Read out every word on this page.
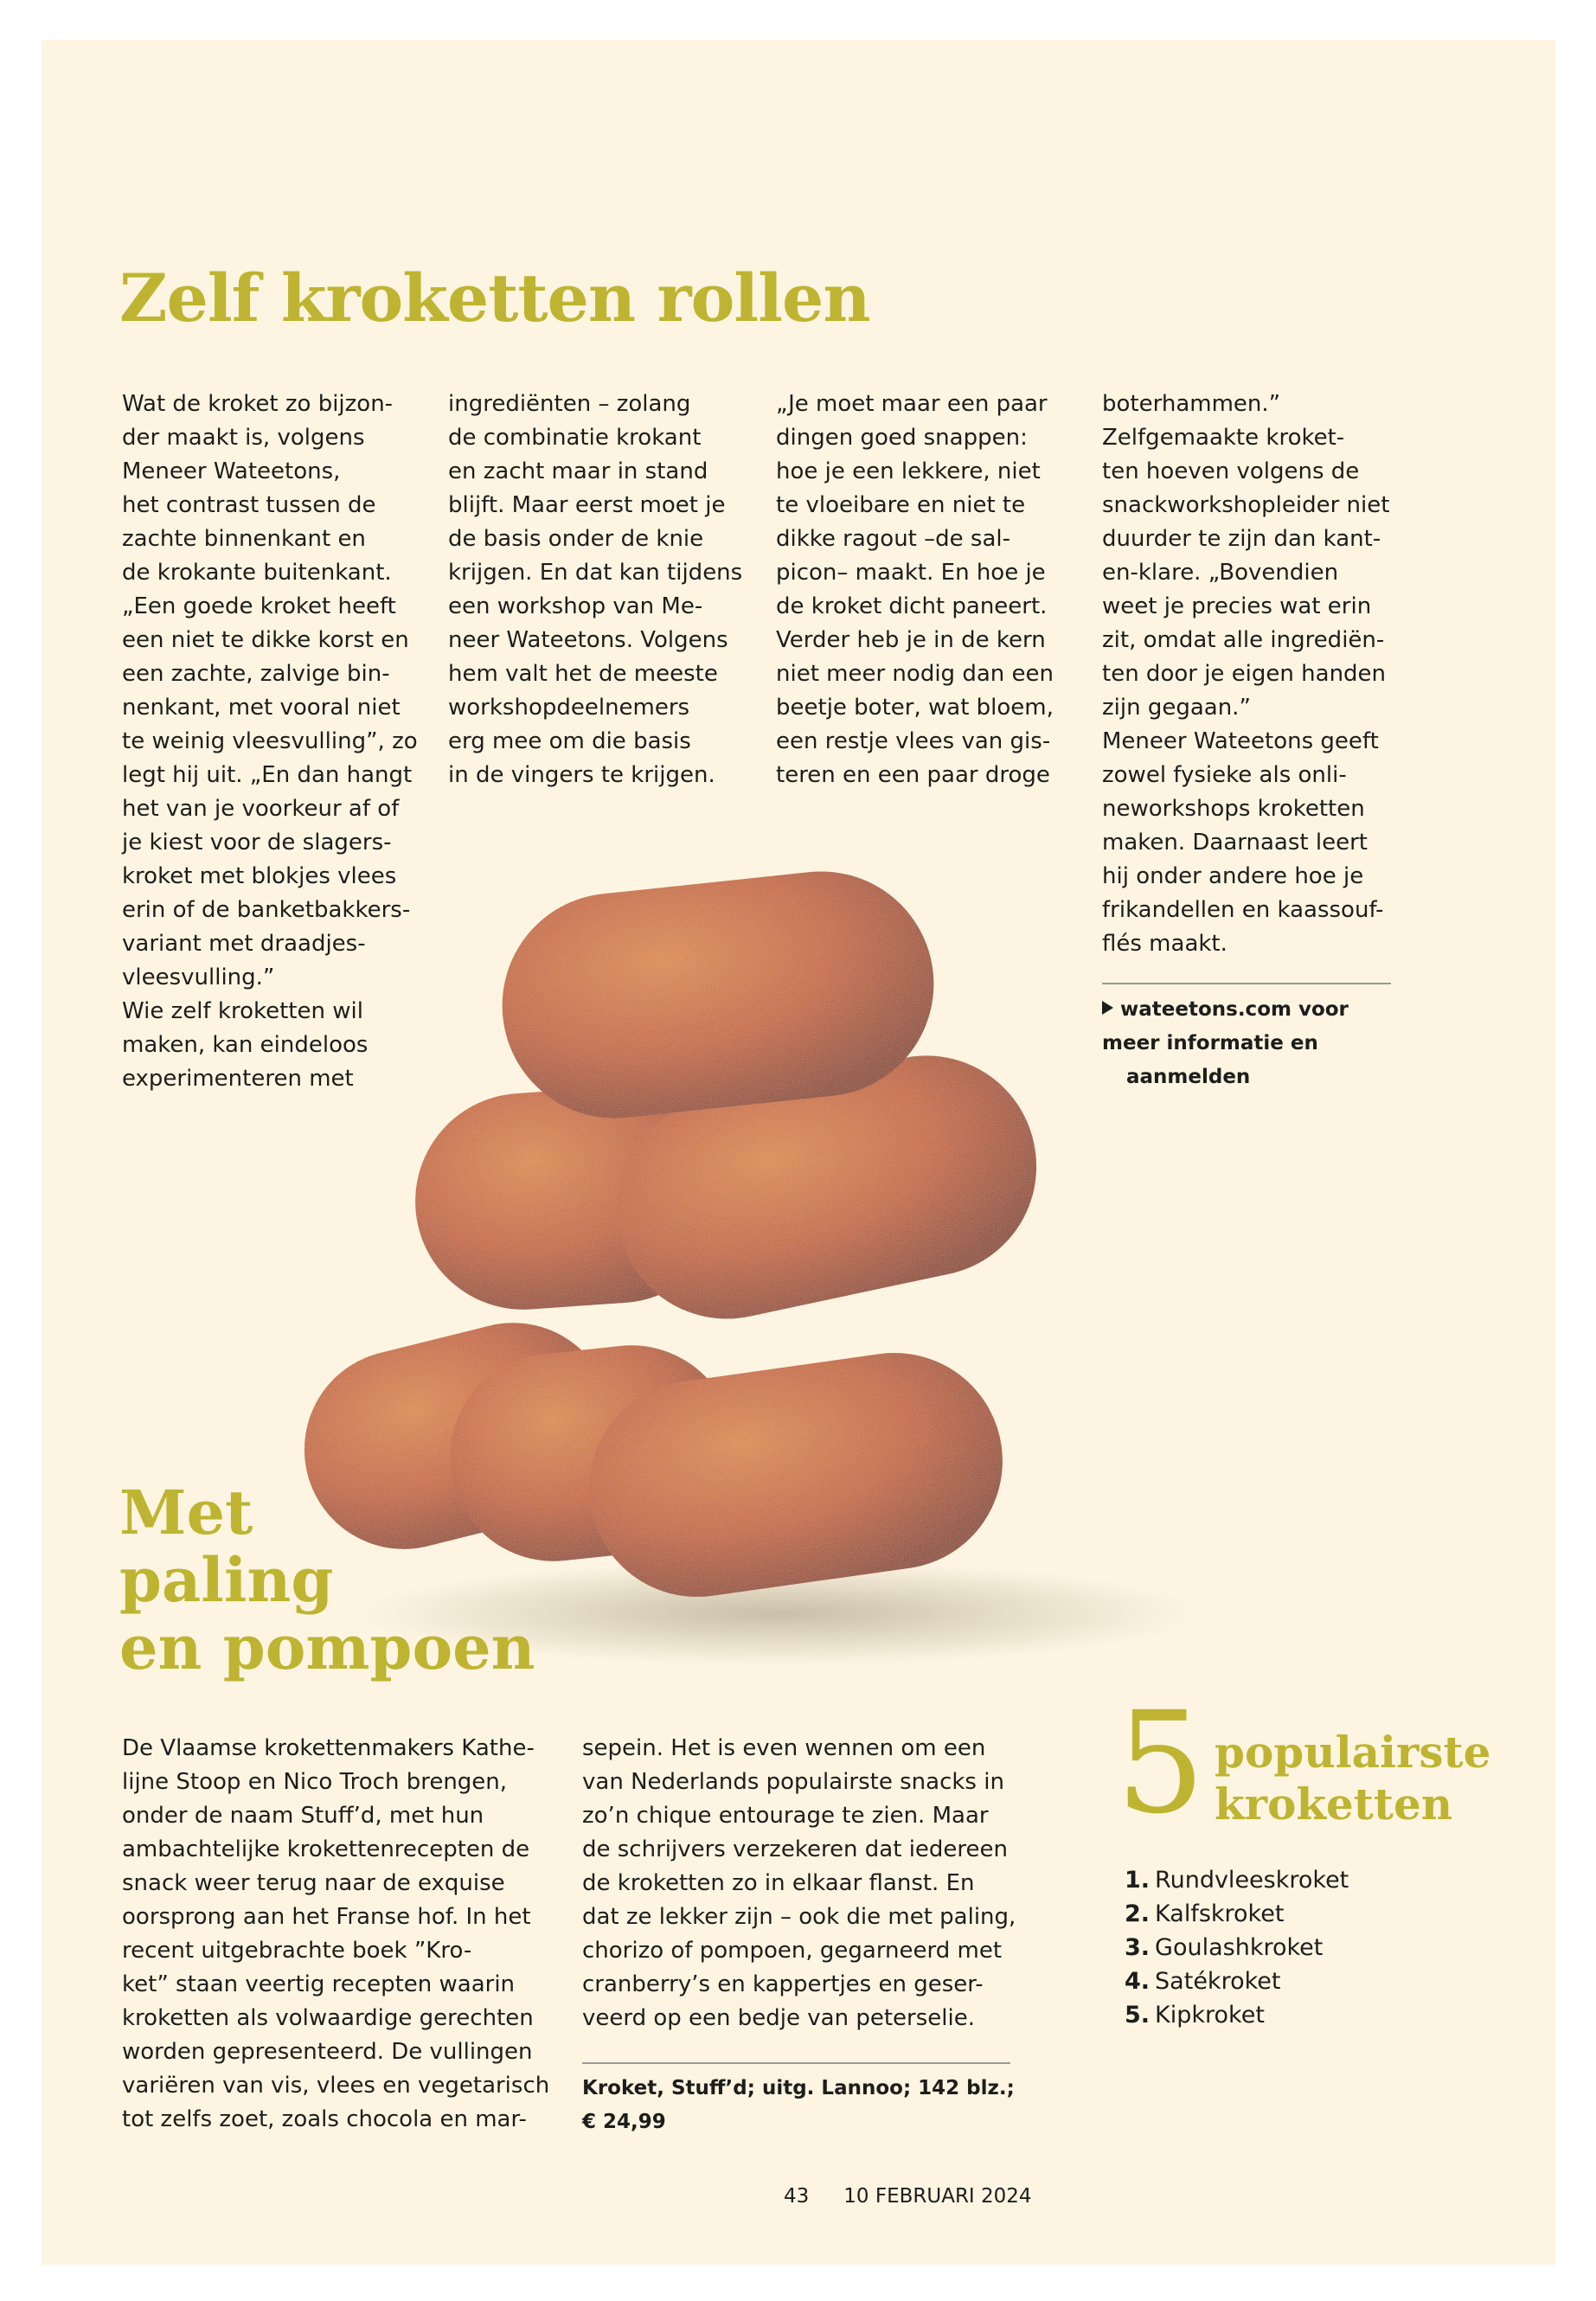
Zelf kroketten rollen

Wat de kroket zo bijzon-
der maakt is, volgens
Meneer Wateetons,
het contrast tussen de
zachte binnenkant en
de krokante buitenkant.
„Een goede kroket heeft
een niet te dikke korst en
een zachte, zalvige bin-
nenkant, met vooral niet
te weinig vleesvulling”, zo
legt hij uit. „En dan hangt
het van je voorkeur af of
je kiest voor de slagers-
kroket met blokjes vlees
erin of de banketbakkers-
variant met draadjes-
vleesvulling.”
Wie zelf kroketten wil
maken, kan eindeloos
experimenteren met

ingrediënten – zolang
de combinatie krokant
en zacht maar in stand
blijft. Maar eerst moet je
de basis onder de knie
krijgen. En dat kan tijdens
een workshop van Me-
neer Wateetons. Volgens
hem valt het de meeste
workshopdeelnemers
erg mee om die basis
in de vingers te krijgen.

„Je moet maar een paar
dingen goed snappen:
hoe je een lekkere, niet
te vloeibare en niet te
dikke ragout –de sal-
picon– maakt. En hoe je
de kroket dicht paneert.
Verder heb je in de kern
niet meer nodig dan een
beetje boter, wat bloem,
een restje vlees van gis-
teren en een paar droge

boterhammen.”
Zelfgemaakte kroket-
ten hoeven volgens de
snackworkshopleider niet
duurder te zijn dan kant-
en-klare. „Bovendien
weet je precies wat erin
zit, omdat alle ingrediën-
ten door je eigen handen
zijn gegaan.”
Meneer Wateetons geeft
zowel fysieke als onli-
neworkshops kroketten
maken. Daarnaast leert
hij onder andere hoe je
frikandellen en kaassouf-
flés maakt.

wateetons.com voor
meer informatie en
aanmelden
Met
paling
en pompoen

De Vlaamse krokettenmakers Kathe-
lijne Stoop en Nico Troch brengen,
onder de naam Stuff’d, met hun
ambachtelijke krokettenrecepten de
snack weer terug naar de exquise
oorsprong aan het Franse hof. In het
recent uitgebrachte boek ”Kro-
ket” staan veertig recepten waarin
kroketten als volwaardige gerechten
worden gepresenteerd. De vullingen
variëren van vis, vlees en vegetarisch
tot zelfs zoet, zoals chocola en mar-

sepein. Het is even wennen om een
van Nederlands populairste snacks in
zo’n chique entourage te zien. Maar
de schrijvers verzekeren dat iedereen
de kroketten zo in elkaar flanst. En
dat ze lekker zijn – ook die met paling,
chorizo of pompoen, gegarneerd met
cranberry’s en kappertjes en geser-
veerd op een bedje van peterselie.

Kroket, Stuff’d; uitg. Lannoo; 142 blz.;
€ 24,99
5 populairste
kroketten
1. Rundvleeskroket
2. Kalfskroket
3. Goulashkroket
4. Satékroket
5. Kipkroket
43 10 FEBRUARI 2024
